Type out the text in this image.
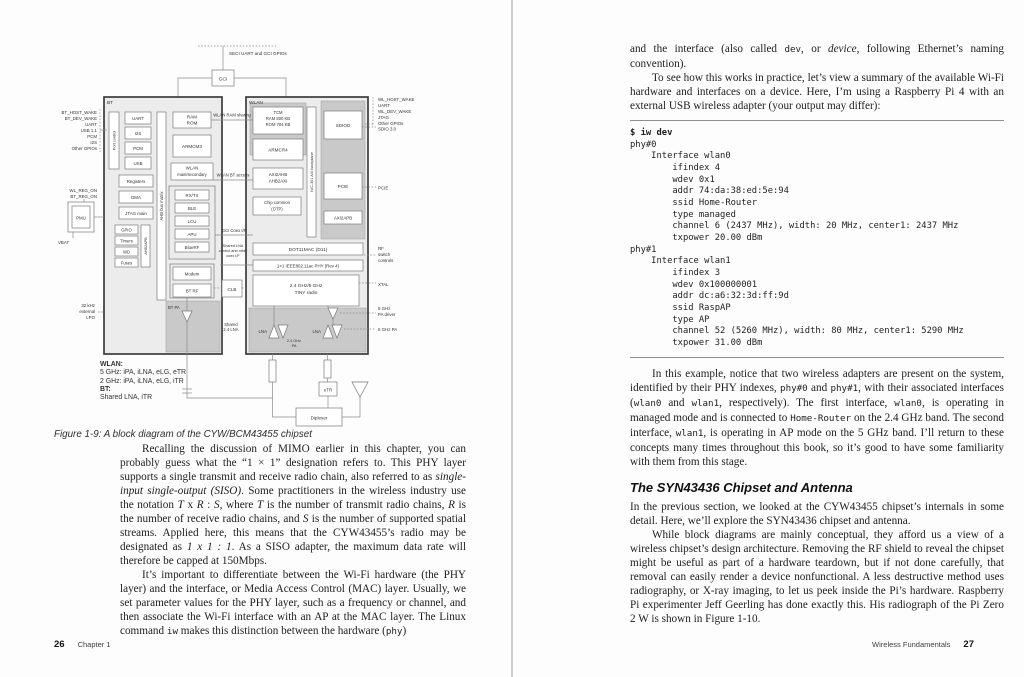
SECI UART and GCI GPIOs
GCI
BT
Port control
UART
I2S
PCM
USB
Registers
DMA
JTAG main
GPIO
Timers
WD
Fuses
AHB2APB
AHB bus matrix
RAM
ROM
ARMCM3
WLAN
main/secondary
RX/TX
BLE
LCU
APU
BlueRF
Modem
BT RF
BT PA
WLAN
TCM
RAM 800 KB
ROM 704 KB
ARMCR4
AXI2AHB
AHB2AXI
Chip common
(OTP)
NIC-301 AXI backplane
SDIOD
PCIE
AXI2APB
DOT11MAC (D11)
1×1 IEEE802.11ac PHY (Rev 4)
2.4 GHz/5 GHz
TINY radio
LNA
2.4 GHz
PA
LNA
WLAN RAM sharing
WLAN BT access
GCI Coex I/F
Shared LNA
control and other
coex I/F
CLB
Shared
2.4 LNA
BT_HOST_WAKE
BT_DEV_WAKE
UART
USB 1.1
PCM
I2S
Other GPIOs
WL_REG_ON
BT_REG_ON
PMU
VBAT
32 kHz
external
LPO
WL_HOST_WAKE
UART
WL_DEV_WAKE
JTAG
Other GPIOs
SDIO 3.0
PCIE
RF
switch
controls
XTAL
5 GHz
PA driver
5 GHz PA
eTR
Diplexer
WLAN:
5 GHz: iPA, iLNA, eLG, eTR
2 GHz: iPA, iLNA, eLG, iTR
BT:
Shared LNA, iTR
Figure 1-9: A block diagram of the CYW/BCM43455 chipset

Recalling the discussion of MIMO earlier in this chapter, you can probably guess what the “1 × 1” designation refers to. This PHY layer supports a single transmit and receive radio chain, also referred to as single-input single-output (SISO). Some practitioners in the wireless industry use the notation T x R : S, where T is the number of transmit radio chains, R is the number of receive radio chains, and S is the number of supported spatial streams. Applied here, this means that the CYW43455’s radio may be designated as 1 x 1 : 1. As a SISO adapter, the maximum data rate will therefore be capped at 150Mbps.

It’s important to differentiate between the Wi-Fi hardware (the PHY layer) and the interface, or Media Access Control (MAC) layer. Usually, we set parameter values for the PHY layer, such as a frequency or channel, and then associate the Wi-Fi interface with an AP at the MAC layer. The Linux command iw makes this distinction between the hardware (phy)

26 Chapter 1

and the interface (also called dev, or device, following Ethernet’s naming convention).

To see how this works in practice, let’s view a summary of the available Wi-Fi hardware and interfaces on a device. Here, I’m using a Raspberry Pi 4 with an external USB wireless adapter (your output may differ):

$ iw dev
phy#0
Interface wlan0
ifindex 4
wdev 0x1
addr 74:da:38:ed:5e:94
ssid Home-Router
type managed
channel 6 (2437 MHz), width: 20 MHz, center1: 2437 MHz
txpower 20.00 dBm
phy#1
Interface wlan1
ifindex 3
wdev 0x100000001
addr dc:a6:32:3d:ff:9d
ssid RaspAP
type AP
channel 52 (5260 MHz), width: 80 MHz, center1: 5290 MHz
txpower 31.00 dBm

In this example, notice that two wireless adapters are present on the system, identified by their PHY indexes, phy#0 and phy#1, with their associated interfaces (wlan0 and wlan1, respectively). The first interface, wlan0, is operating in managed mode and is connected to Home-Router on the 2.4 GHz band. The second interface, wlan1, is operating in AP mode on the 5 GHz band. I’ll return to these concepts many times throughout this book, so it’s good to have some familiarity with them from this stage.

The SYN43436 Chipset and Antenna

In the previous section, we looked at the CYW43455 chipset’s internals in some detail. Here, we’ll explore the SYN43436 chipset and antenna.

While block diagrams are mainly conceptual, they afford us a view of a wireless chipset’s design architecture. Removing the RF shield to reveal the chipset might be useful as part of a hardware teardown, but if not done carefully, that removal can easily render a device nonfunctional. A less destructive method uses radiography, or X-ray imaging, to let us peek inside the Pi’s hardware. Raspberry Pi experimenter Jeff Geerling has done exactly this. His radiograph of the Pi Zero 2 W is shown in Figure 1-10.

Wireless Fundamentals 27
